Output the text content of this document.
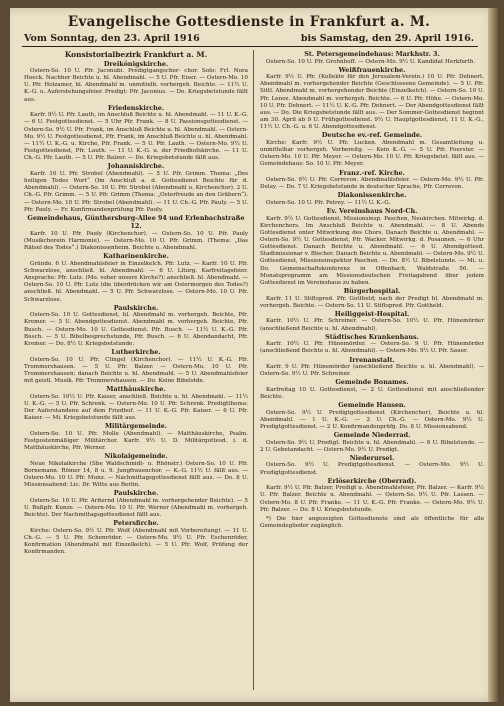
Evangelische Gottesdienste in Frankfurt a. M.
Vom Sonntag, den 23. April 1916	bis Samstag, den 29. April 1916.
Konsistorialbezirk Frankfurt a. M.
Dreikönigskirche.
Ostern-So. 10 U. Pfr. Jaconubi. Predigtgangscher- chor. Solo: Frl. Nora Hoeck. Nachher Beichte u. hl. Abendmahl. — 5 U. Pfr. Eiser. — Ostern-Mo. 10 U. Pfr. Holzamer, hl. Abendmahl m. unmittelb. vorhergeh. Beichte. — 11½ U. K.-G. u. Auferstehungsfeier. Predigt: Pfr. Jaconius. — Do. Kriegsbetstunde fällt aus.
Friedenskirche.
Karfr. 9½ U. Pfr. Lauth, im Anschluß Beichte u. hl. Abendmahl. — 11 U. K.-G. — 6 U. Festgottesdienst. — 5 Uhr Pfr. Frank. — 8 U. Passionsgottesdienst. — Ostern-So. 9½ U. Pfr. Frank, im Anschluß Beichte u. hl. Abendmahl. — Ostern-Mo. 9½ U. Festgottesdienst, Pfr. Frank, im Anschluß Beichte u. hl. Abendmahl. — 11½ U. K.-G. u. Kirche, Pfr. Frank. — 5 U. Pfr. Lauth. — Ostern-Mo. 9½ U. Festgottesdienst, Pfr. Lauth. — 11 U. K.-G. u. der Friedhofskirche. — 11 U. Ch.-G. Pfr. Lauth. — 5 U. Pfr. Balzer. — Do. Kriegsbetstunde fällt aus.
Johanniskirche.
Karfr. 10 U. Pfr. Strobel (Abendmahl). — 5 U. Pfr. Grimm. Thema: „Des heiligen Todes Wort“ (Im Anschluß a. d. Gottesdienst Beichte für d. Abendmahl). — Ostern-So. 10 U. Pfr. Strobel (Abendmahl u. Kirchenchor). 2 U. Ch.-G. Pfr. Grimm. — 5 U. Pfr. Grimm (Thema: „Osterfreude an den Gräbern“). — Ostern-Mo. 10 U. Pfr. Strobel (Abendmahl). — 11 U. Ch.-G. Pfr. Pauly. — 5 U. Pfr. Pauly. — Fr. Konfirmandenprüfung Pfr. Pauly.
Gemeindehaus, Günthersburg-Allee 94 und Erlenbachstraße 12.
Karfr. 10 U. Pfr. Pauly (Kirchenchor). — Ostern-So. 10 U. Pfr. Pauly (Musikchorein Harmonie). — Ostern-Mo. 10 U. Pfr. Grimm. (Thema: „Das Rätsel des Todes“.) Diakonissenheim. Beichte u. Abendmahl.
Katharinenkirche.
Gründo. 6 U. Abendmahlsfeier in Einzelkelch. Pfr. Lutz. — Karfr. 10 U. Pfr. Schwarzlose, anschließ. hl. Abendmahl. — 6 U. Liturg. Karfreitagsfeier. Ansprache: Pfr. Lutz. (Mo. voher unsere Kirche?): anschließ. hl. Abendmahl. — Ostern-So. 10 U. Pfr. Lutz (die überdrücken wir am Ostermorgen des Todes?) anschließ. hl. Abendmahl. — 5 U. Pfr. Schwarzlose. — Ostern-Mo. 10 U. Pfr. Schwarzlose.
Paulskirche.
Ostern-So. 10 U. Gottesdienst, hl. Abendmahl m. vorhergeh. Beichte, Pfr. Kremer. — 5 U. Abendgottesdienst. Abendmahl m. vorhergeh. Beichte, Pfr. Busch. — Ostern-Mo. 10 U. Gottesdienst. Pfr. Busch. — 11½ U. K.-G. Pfr. Busch. — 5 U. Bibelbesprechstunde, Pfr. Busch. — 6 U. Abendandacht, Pfr. Kremer. — Do. 8½ U. Kriegsbetstunde.
Lutherkirche.
Ostern-So. 10 U. Pfr. Clingel (Kirchenchor). — 11½ U. K.-G. Pfr. Trommershausen. — 5 U. Pfr. Balzer. — Ostern-Mo. 10 U. Pfr. Trommershausen; danach Beichte u. hl. Abendmahl. — 5 U. Abendmahlsfeier mit geistl. Musik. Pfr. Trommershausen. — Do. Keine Bibelstde.
Matthäuskirche.
Ostern-So. 10½ U. Pfr. Kaiser, anschließ. Beichte u. hl. Abendmahl. — 11½ U. K.-G. — 5 U. Pfr. Schrenk. — Ostern-Mo. 10 U. Pfr. Schrenk. Predigtthema: Der Auferstandene auf dem Friedhof. — 11 U. K.-G. Pfr. Kaiser. — 6 U. Pfr. Kaiser. — Mi. Kriegsbetstunde fällt aus.
Militärgemeinde.
Ostern-So. 10 U. Pfr. Molle (Abendmahl). — Matthäuskirche, Psalm. Festpostenmäßiger Militärchor. Karfr. 9½ U. D. Militärgottesd. i. d. Matthäuskirche, Pfr. Werner.
Nikolaigemeinde.
Neue Nikolaikirche (Sbe Waldschmidt- u. Rhönstr.) Ostern-So. 10 U. Pfr. Bornemann. Römer 14, 8 u. 9. Jungfrauenchor. — K.-G. 11½ U. fällt aus. — Ostern-Mo. 10 U. Pfr. Munz. — Nachmittagsgottesdienst fällt aus. — Do. 8 U. Missionsabend: Lic. Dr. Witte aus Berlin.
Paulskirche.
Ostern-So. 10 U. Pfr. Ariternd (Abendmahl m. vorhergehender Beichte). — 5 U. Bußpfr. Kunze. — Ostern-Mo. 10 U. Pfr. Werner (Abendmahl m. vorhergeh. Beichte). Der Nachmittagsgottesdienst fällt aus.
Petersfirche.
Kirche: Ostern-So. 9½ U. Pfr. Wolf (Abendmahl mit Vorbereitung). — 11 U. Ch.-G. — 5 U. Pfr. Schenröder. — Ostern-Mo. 9½ U. Pfr. Eschenröder, Konfirmation (Abendmahl mit Einzelkelch). — 5 U. Pfr. Wolf, Prüfung der Konfirmanden.
St. Petersgemeindehaus: Markhstr. 3.
Ostern-So. 10 U. Pfr. Grohnhoff. — Ostern-Mo. 9½ U. Kandidat Herkfurth.
Weißfrauenkirche.
Karfr. 9½ U. Pfr. (Kollekte für den Jerusalem-Verein.) 10 U. Pfr. Dehnert. Abendmahl m. vorhergehender Beichte (Geschlossene Gemeinde). — 5 U. Pfr. Sittl. Abendmahl m. vorhergehender Beichte (Einzelkelch). — Ostern-So. 10 U. Pfr. Lenoz. Abendmahl m. vorhergeh. Beichte. — 6 U. Pfr. Höhe. — Ostern-Mo. 10 U. Pfr. Dehnert. — 11½ U. K.-G. Pfr. Dehnert. — Der Abendgottesdienst fällt aus. — Do. Die Kriegsbetstunde fällt aus. — Der Sommer-Gottesdienst beginnt am 30. April ab 9 U. Frühgottesdienst. 9½ U. Hauptgottesdienst, 11 U. K.-G., 11½ U. Ch.-G. u. 6 U. Abendgottesdienst.
Deutsche ev.-ref. Gemeinde.
Kirche: Karfr. 9½ U. Pfr. Lucken. Abendmahl m. Gesamtleitung u. unmittelbar vorhergeh. Vorbereitg. — Kein K.-G. — 5 U. Pfr. Foerster. — Ostern-Mo. 10 U. Pfr. Meyer. — Ostern-Mo. 10 U. Pfr. Kriegsbetst. fällt aus. — Gemeindehaus: So. 10 U. Pfr. Meyer.
Franz.-ref. Kirche.
Ostern-So. 9½ U. Pfr. Correvon. Abendmahlsfeier. — Ostern-Mo. 9½ U. Pfr. Delay. — Do. 7 U. Kriegsbetstunde in deutscher Sprache, Pfr. Correvon.
Diakonissenkirche.
Ostern-So. 10 U. Pfr. Petrey. — 11½ U. K.-G.
Ev. Vereinshaus Nord-Ch.
Karfr. 9½ U. Gottesdienst, Missionsinsp. Paschen, Neukirchen. Mitwirkg. d. Kirchenchors. Im Anschluß Beichte u. Abendmahl. — 8 U. Abends Gottesdienst unter Mitwirkung des Chors. Danach Beichte u. Abendmahl. — Ostern-So. 9½ U. Gottesdienst, Pfr. Wacker. Mitwirkg. d. Posaunen. — 6 Uhr Gottesdienst. Danach Beichte u. Abendmahl. — 6 U. Abendgottesd. Stadtmissionar v. Blecher. Danach Beichte u. Abendmahl. — Ostern-Mo. 9½ U. Gottesdienst, Missionsinspektor Paschen. — Do. 8½ U. Bibelstunde. — Mi. u. Do. Gemeinschaftskonferenz in Offenbach, Waldstraße 56. — Monatsprogramm am Missionsdeutschen Freitagabend über jedem Gottesdienst im Vereinshaus zu haben.
Bürgerhospital.
Karfr. 11 U. Stiftspred. Pfr. Gottheld; nach der Predigt hl. Abendmahl m. vorhergeh. Beichte. — Ostern-So. 11 U. Stiftspred. Pfr. Gottheld.
Heiliggeist-Hospital.
Karfr. 10½ U. Pfr. Schreiner. — Ostern-So. 10½ U. Pfr. Hünemörder (anschließend Beichte u. hl. Abendmahl).
Städtisches Krankenhaus.
Karfr. 10½ U. Pfr. Hünemörder. — Ostern-So. 9 U. Pfr. Hünemörder (anschließend Beichte u. hl. Abendmahl). — Ostern-Mo. 9½ U. Pfr. Sauer.
Irrenanstalt.
Karfr. 9 U. Pfr. Hünemörder (anschließend Beichte u. hl. Abendmahl). — Ostern-So. 9½ U. Pfr. Schreiner.
Gemeinde Bonames.
Karfreitag 10 U. Gottesdienst, — 2 U. Gottesdienst mit anschließender Beichte.
Gemeinde Hausen.
Ostern-So. 9½ U. Predigtgottesdienst (Kirchenchor), Beichte u. hl. Abendmahl. — 1 U. K.-G. — 2 U. Ch.-G. — Ostern-Mo. 9½ U. Predigtgottesdienst. — 2 U. Konfirmandenprüfg. Do. 8 U. Missionsabend.
Gemeinde Niederrad.
Ostern-So. 9½ U. Predigt. Beichte u. hl. Abendmahl. — 8 U. Bibelstunde. — 2 U. Gebetandacht. — Ostern-Mo. 9½ U. Predigt.
Niederursel.
Ostern-So. 9½ U. Predigtgottesdienst. — Ostern-Mo. 9½ U. Predigtgottesdienst.
Erlöserkirche (Oberrad).
Karfr. 9½ U. Pfr. Balzer, Predigt u. Abendmahlsfeier, Pfr. Balzer. — Karfr. 9½ U. Pfr. Balzer. Beichte u. Abendmahl. — Ostern-So. 9½ U. Pfr. Lassen. — Ostern-Mo. 8 U. Pfr. Franke. — 11 U. K.-G. Pfr. Franke. — Ostern-Mo. 9½ U. Pfr. Balzer. — Do. 8 U. Kriegsbetstunde.
*) Die hier angezeigten Gottesdienste sind als öffentliche für alle Gemeindeglieder zugänglich.
